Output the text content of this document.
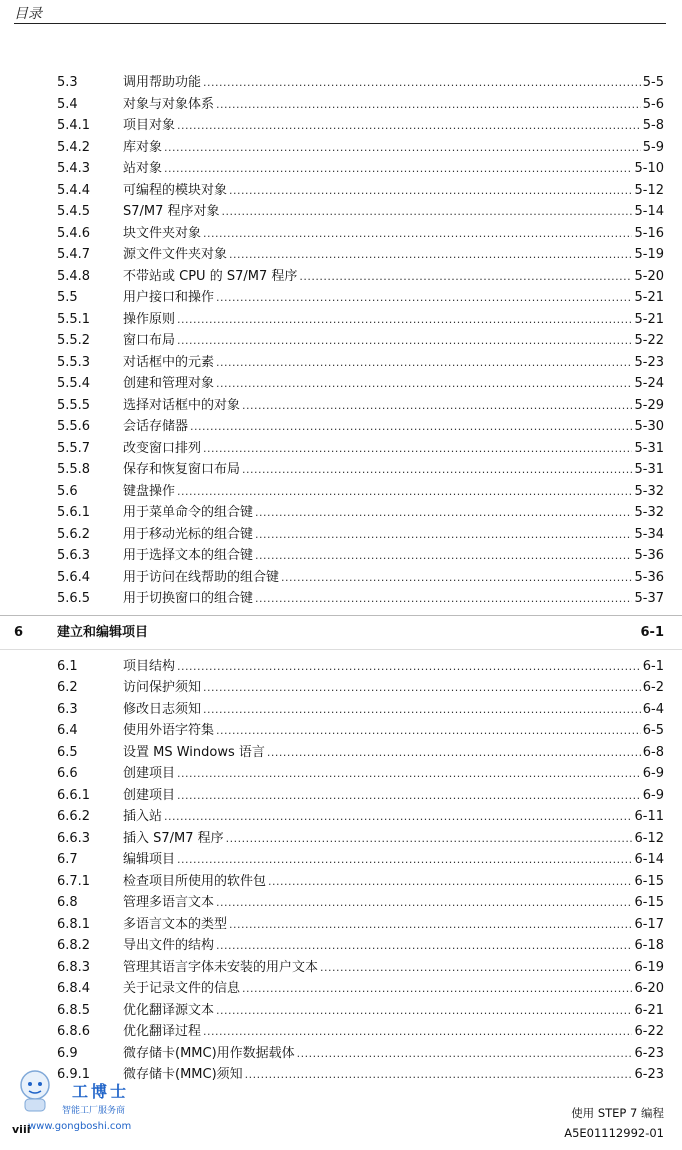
目录
5.3	调用帮助功能 .....	5-5
5.4	对象与对象体系 .....	5-6
5.4.1	项目对象 .....	5-8
5.4.2	库对象 .....	5-9
5.4.3	站对象 .....	5-10
5.4.4	可编程的模块对象 .....	5-12
5.4.5	S7/M7 程序对象 .....	5-14
5.4.6	块文件夹对象 .....	5-16
5.4.7	源文件文件夹对象 .....	5-19
5.4.8	不带站或 CPU 的 S7/M7 程序 .....	5-20
5.5	用户接口和操作 .....	5-21
5.5.1	操作原则 .....	5-21
5.5.2	窗口布局 .....	5-22
5.5.3	对话框中的元素 .....	5-23
5.5.4	创建和管理对象 .....	5-24
5.5.5	选择对话框中的对象 .....	5-29
5.5.6	会话存储器 .....	5-30
5.5.7	改变窗口排列 .....	5-31
5.5.8	保存和恢复窗口布局 .....	5-31
5.6	键盘操作 .....	5-32
5.6.1	用于菜单命令的组合键 .....	5-32
5.6.2	用于移动光标的组合键 .....	5-34
5.6.3	用于选择文本的组合键 .....	5-36
5.6.4	用于访问在线帮助的组合键 .....	5-36
5.6.5	用于切换窗口的组合键 .....	5-37
6	建立和编辑项目	6-1
6.1	项目结构 .....	6-1
6.2	访问保护须知 .....	6-2
6.3	修改日志须知 .....	6-4
6.4	使用外语字符集 .....	6-5
6.5	设置 MS Windows 语言 .....	6-8
6.6	创建项目 .....	6-9
6.6.1	创建项目 .....	6-9
6.6.2	插入站 .....	6-11
6.6.3	插入 S7/M7 程序 .....	6-12
6.7	编辑项目 .....	6-14
6.7.1	检查项目所使用的软件包 .....	6-15
6.8	管理多语言文本 .....	6-15
6.8.1	多语言文本的类型 .....	6-17
6.8.2	导出文件的结构 .....	6-18
6.8.3	管理其语言字体未安装的用户文本 .....	6-19
6.8.4	关于记录文件的信息 .....	6-20
6.8.5	优化翻译源文本 .....	6-21
6.8.6	优化翻译过程 .....	6-22
6.9	微存储卡(MMC)用作数据载体 .....	6-23
6.9.1	微存储卡(MMC)须知 .....	6-23
工博士
智能工厂服务商
www.gongboshi.com
viii
使用 STEP 7 编程
A5E01112992-01
